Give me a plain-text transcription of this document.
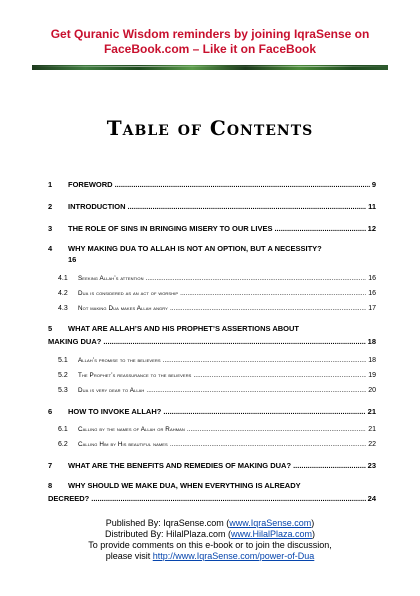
Get Quranic Wisdom reminders by joining IqraSense on
FaceBook.com – Like it on FaceBook
Table of Contents
1	FOREWORD .....	9
2	INTRODUCTION .....	11
3	THE ROLE OF SINS IN BRINGING MISERY TO OUR LIVES .....	12
4 WHY MAKING DUA TO ALLAH IS NOT AN OPTION, BUT A NECESSITY?
16
4.1	Seeking Allah’s attention .....	16
4.2	Dua is considered as an act of worship .....	16
4.3	Not making Dua makes Allah angry .....	17
5 WHAT ARE ALLAH’S AND HIS PROPHET’S ASSERTIONS ABOUT
MAKING DUA? .....	18
5.1	Allah’s promise to the believers .....	18
5.2	The Prophet’s reassurance to the believers .....	19
5.3	Dua is very dear to Allah .....	20
6	HOW TO INVOKE ALLAH? .....	21
6.1	Calling by the names of Allah or Rahman .....	21
6.2	Calling Him by His beautiful names .....	22
7	WHAT ARE THE BENEFITS AND REMEDIES OF MAKING DUA? .....	23
8 WHY SHOULD WE MAKE DUA, WHEN EVERYTHING IS ALREADY
DECREED? .....	24
Published By: IqraSense.com (www.IqraSense.com)
Distributed By: HilalPlaza.com (www.HilalPlaza.com)
To provide comments on this e-book or to join the discussion,
please visit http://www.IqraSense.com/power-of-Dua
